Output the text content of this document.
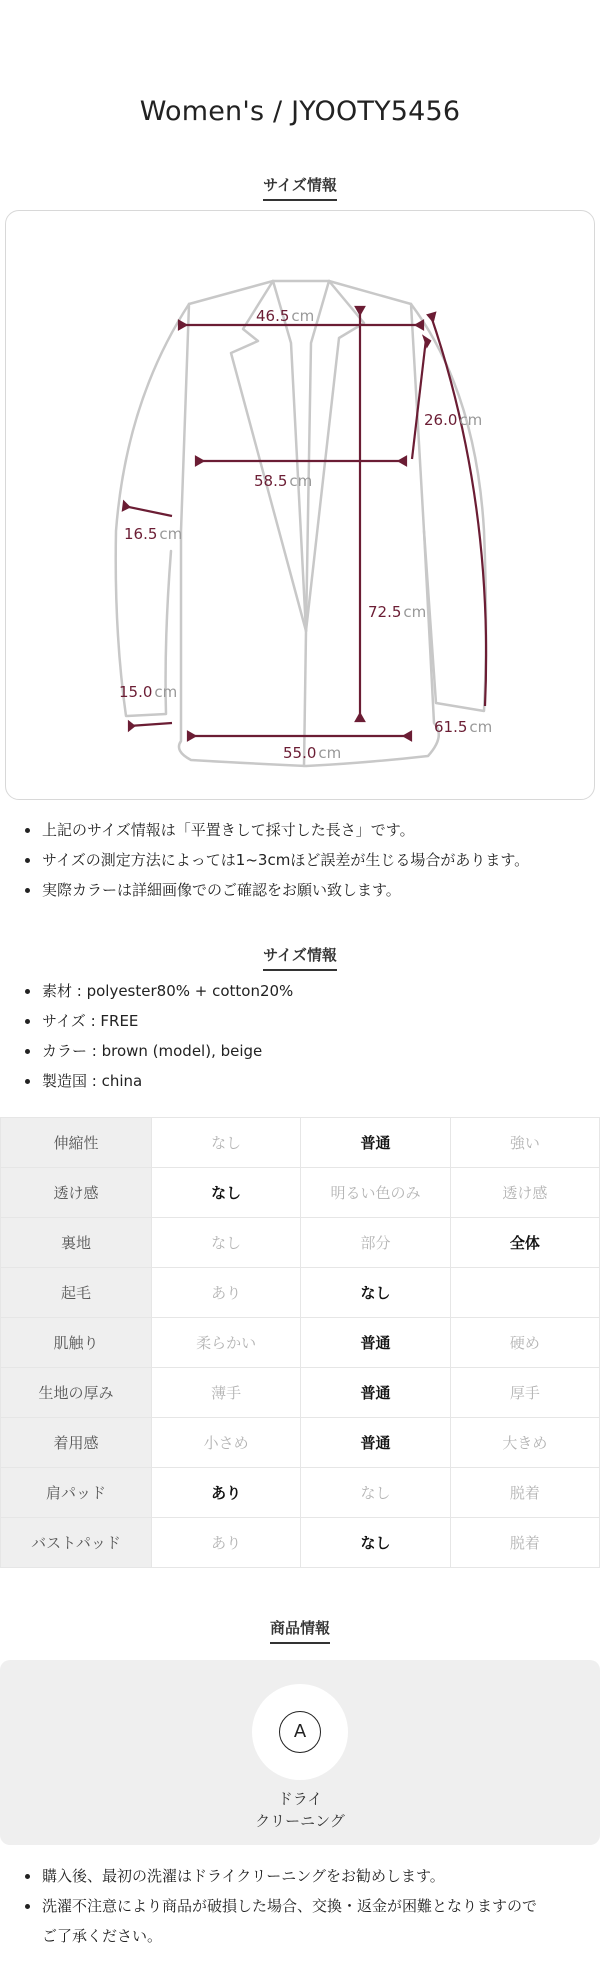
Women's / JYOOTY5456
サイズ情報
46.5 cm
26.0 cm
58.5 cm
16.5 cm
72.5 cm
15.0 cm
61.5 cm
55.0 cm
上記のサイズ情報は「平置きして採寸した長さ」です。
サイズの測定方法によっては1~3cmほど誤差が生じる場合があります。
実際カラーは詳細画像でのご確認をお願い致します。
サイズ情報
素材 : polyester80% + cotton20%
サイズ : FREE
カラー : brown (model), beige
製造国 : china
伸縮性	なし	普通	強い
透け感	なし	明るい色のみ	透け感
裏地	なし	部分	全体
起毛	あり	なし	
肌触り	柔らかい	普通	硬め
生地の厚み	薄手	普通	厚手
着用感	小さめ	普通	大きめ
肩パッド	あり	なし	脱着
バストパッド	あり	なし	脱着
商品情報
A
ドライ
クリーニング
購入後、最初の洗濯はドライクリーニングをお勧めします。
洗濯不注意により商品が破損した場合、交換・返金が困難となりますので
ご了承ください。
